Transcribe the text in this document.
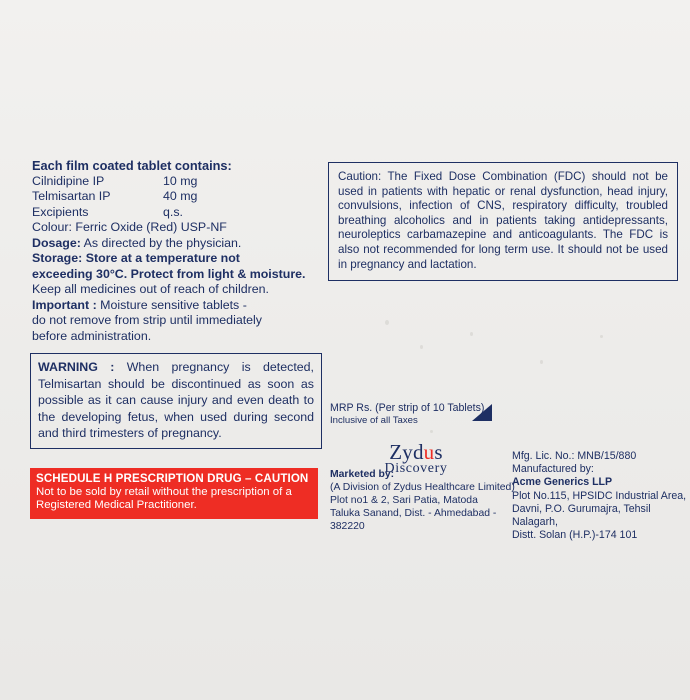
Each film coated tablet contains:
Cilnidipine IP	10 mg
Telmisartan IP	40 mg
Excipients	q.s.
Colour: Ferric Oxide (Red) USP-NF
Dosage: As directed by the physician.
Storage: Store at a temperature not
exceeding 30°C. Protect from light & moisture.
Keep all medicines out of reach of children.
Important : Moisture sensitive tablets -
do not remove from strip until immediately
before administration.
WARNING : When pregnancy is detected, Telmisartan should be discontinued as soon as possible as it can cause injury and even death to the developing fetus, when used during second and third trimesters of pregnancy.
SCHEDULE H PRESCRIPTION DRUG – CAUTION
Not to be sold by retail without the prescription of a
Registered Medical Practitioner.
Caution: The Fixed Dose Combination (FDC) should not be used in patients with hepatic or renal dysfunction, head injury, convulsions, infection of CNS, respiratory difficulty, troubled breathing alcoholics and in patients taking antidepressants, neuroleptics carbamazepine and anticoagulants. The FDC is also not recommended for long term use. It should not be used in pregnancy and lactation.
MRP Rs. (Per strip of 10 Tablets)
Inclusive of all Taxes
Zydus
Discovery
Marketed by:
(A Division of Zydus Healthcare Limited)
Plot no1 & 2, Sari Patia, Matoda
Taluka Sanand, Dist. - Ahmedabad - 382220
Mfg. Lic. No.: MNB/15/880
Manufactured by:
Acme Generics LLP
Plot No.115, HPSIDC Industrial Area,
Davni, P.O. Gurumajra, Tehsil Nalagarh,
Distt. Solan (H.P.)-174 101
